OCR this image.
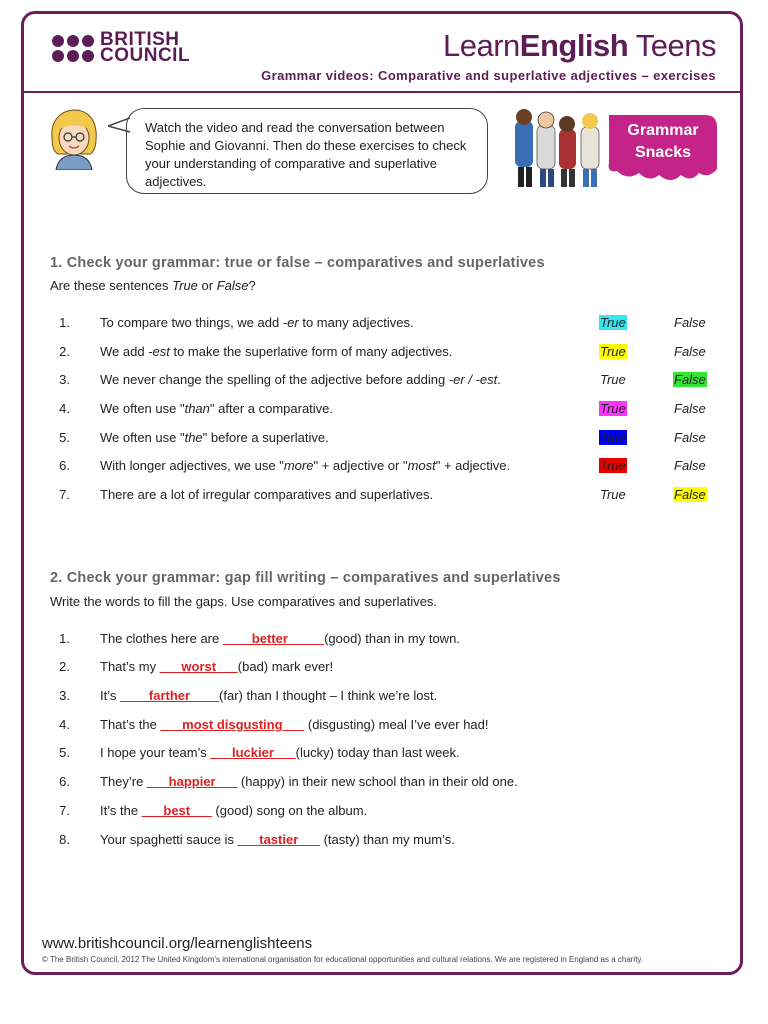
BRITISH
COUNCIL	LearnEnglish Teens
Grammar videos: Comparative and superlative adjectives – exercises
Watch the video and read the conversation between Sophie and Giovanni. Then do these exercises to check your understanding of comparative and superlative adjectives.
Grammar
Snacks
1. Check your grammar: true or false – comparatives and superlatives
Are these sentences True or False?
1. To compare two things, we add -er to many adjectives.	True	False
2. We add -est to make the superlative form of many adjectives.	True	False
3. We never change the spelling of the adjective before adding -er / -est.	True	False
4. We often use "than" after a comparative.	True	False
5. We often use "the" before a superlative.	True	False
6. With longer adjectives, we use "more" + adjective or "most" + adjective.	True	False
7. There are a lot of irregular comparatives and superlatives.	True	False
2. Check your grammar: gap fill writing – comparatives and superlatives
Write the words to fill the gaps. Use comparatives and superlatives.
1. The clothes here are ____better_____(good) than in my town.
2. That’s my ___worst___(bad) mark ever!
3. It’s ____farther____(far) than I thought – I think we’re lost.
4. That’s the ___most disgusting___ (disgusting) meal I’ve ever had!
5. I hope your team’s ___luckier___(lucky) today than last week.
6. They’re ___happier___ (happy) in their new school than in their old one.
7. It’s the ___best___ (good) song on the album.
8. Your spaghetti sauce is ___tastier___ (tasty) than my mum’s.
www.britishcouncil.org/learnenglishteens
© The British Council, 2012 The United Kingdom’s international organisation for educational opportunities and cultural relations. We are registered in England as a charity.
